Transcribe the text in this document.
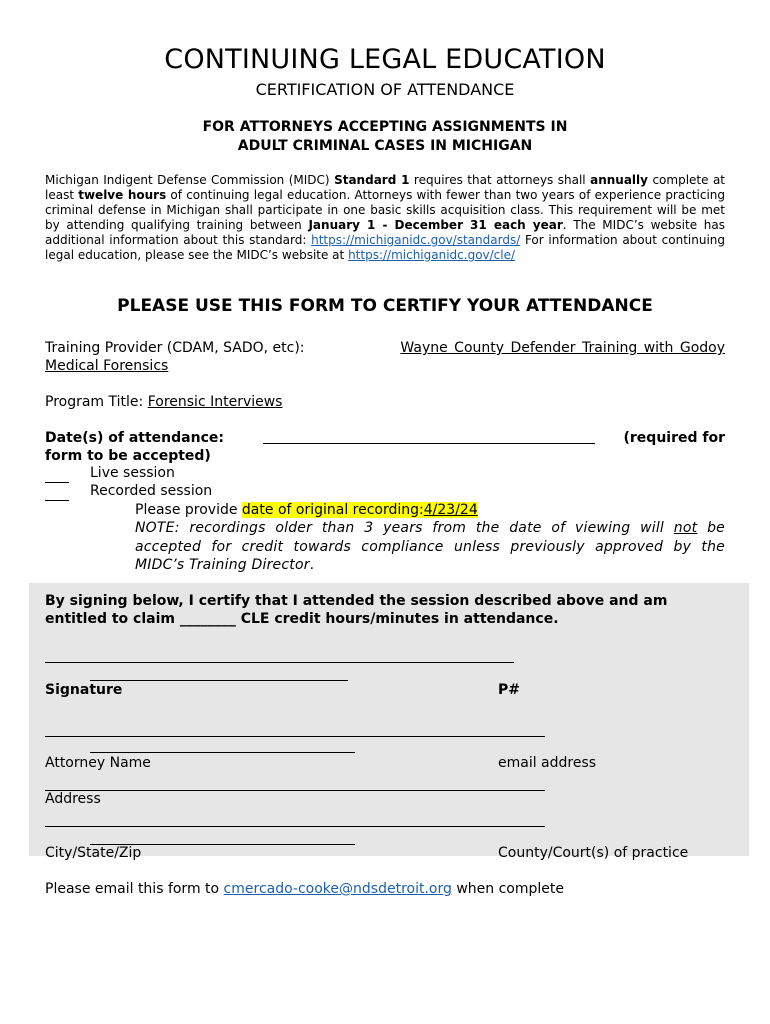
CONTINUING LEGAL EDUCATION
CERTIFICATION OF ATTENDANCE
FOR ATTORNEYS ACCEPTING ASSIGNMENTS IN
ADULT CRIMINAL CASES IN MICHIGAN
Michigan Indigent Defense Commission (MIDC) Standard 1 requires that attorneys shall annually complete at least twelve hours of continuing legal education. Attorneys with fewer than two years of experience practicing criminal defense in Michigan shall participate in one basic skills acquisition class. This requirement will be met by attending qualifying training between January 1 - December 31 each year. The MIDC’s website has additional information about this standard: https://michiganidc.gov/standards/ For information about continuing legal education, please see the MIDC’s website at https://michiganidc.gov/cle/
PLEASE USE THIS FORM TO CERTIFY YOUR ATTENDANCE
Training Provider (CDAM, SADO, etc):	Wayne County Defender Training with Godoy
Medical Forensics
Program Title: Forensic Interviews
Date(s) of attendance:	(required for
form to be accepted)
Live session
Recorded session
Please provide date of original recording:4/23/24
NOTE: recordings older than 3 years from the date of viewing will not be accepted for credit towards compliance unless previously approved by the MIDC’s Training Director.
By signing below, I certify that I attended the session described above and am
entitled to claim ________ CLE credit hours/minutes in attendance.
Signature	P#
Attorney Name	email address
Address
City/State/Zip	County/Court(s) of practice
Please email this form to cmercado-cooke@ndsdetroit.org when complete
